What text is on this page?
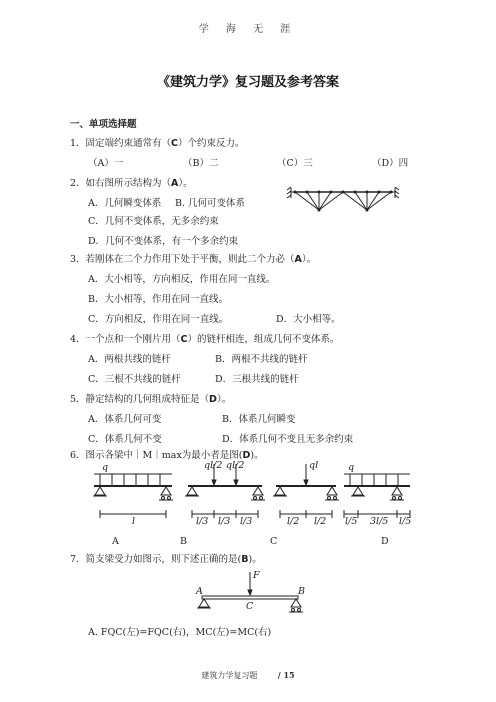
学 海 无 涯
《建筑力学》复习题及参考答案
一、单项选择题
1．固定端约束通常有（C）个约束反力。
（A）一	（B）二	（C）三	（D）四
2．如右图所示结构为（A）。
A．几何瞬变体系 B. 几何可变体系
C．几何不变体系，无多余约束
D．几何不变体系，有一个多余约束
3．若刚体在二个力作用下处于平衡，则此二个力必（A）。
A．大小相等，方向相反，作用在同一直线。
B．大小相等，作用在同一直线。
C．方向相反，作用在同一直线。	D．大小相等。
4．一个点和一个刚片用（C）的链杆相连，组成几何不变体系。
A．两根共线的链杆	B．两根不共线的链杆
C．三根不共线的链杆	D．三根共线的链杆
5．静定结构的几何组成特征是（D）。
A．体系几何可变	B．体系几何瞬变
C．体系几何不变	D．体系几何不变且无多余约束
6．图示各梁中｜M｜max为最小者是图(D)。
q
l
ql/2 ql/2
l/3 l/3 l/3
ql
l/2 l/2
q
l/5 3l/5 l/5
A	B	C	D
7．简支梁受力如图示，则下述正确的是(B)。
F
A	B
C
A. FQC(左)=FQC(右)，MC(左)=MC(右)
建筑力学复习题	/ 15
